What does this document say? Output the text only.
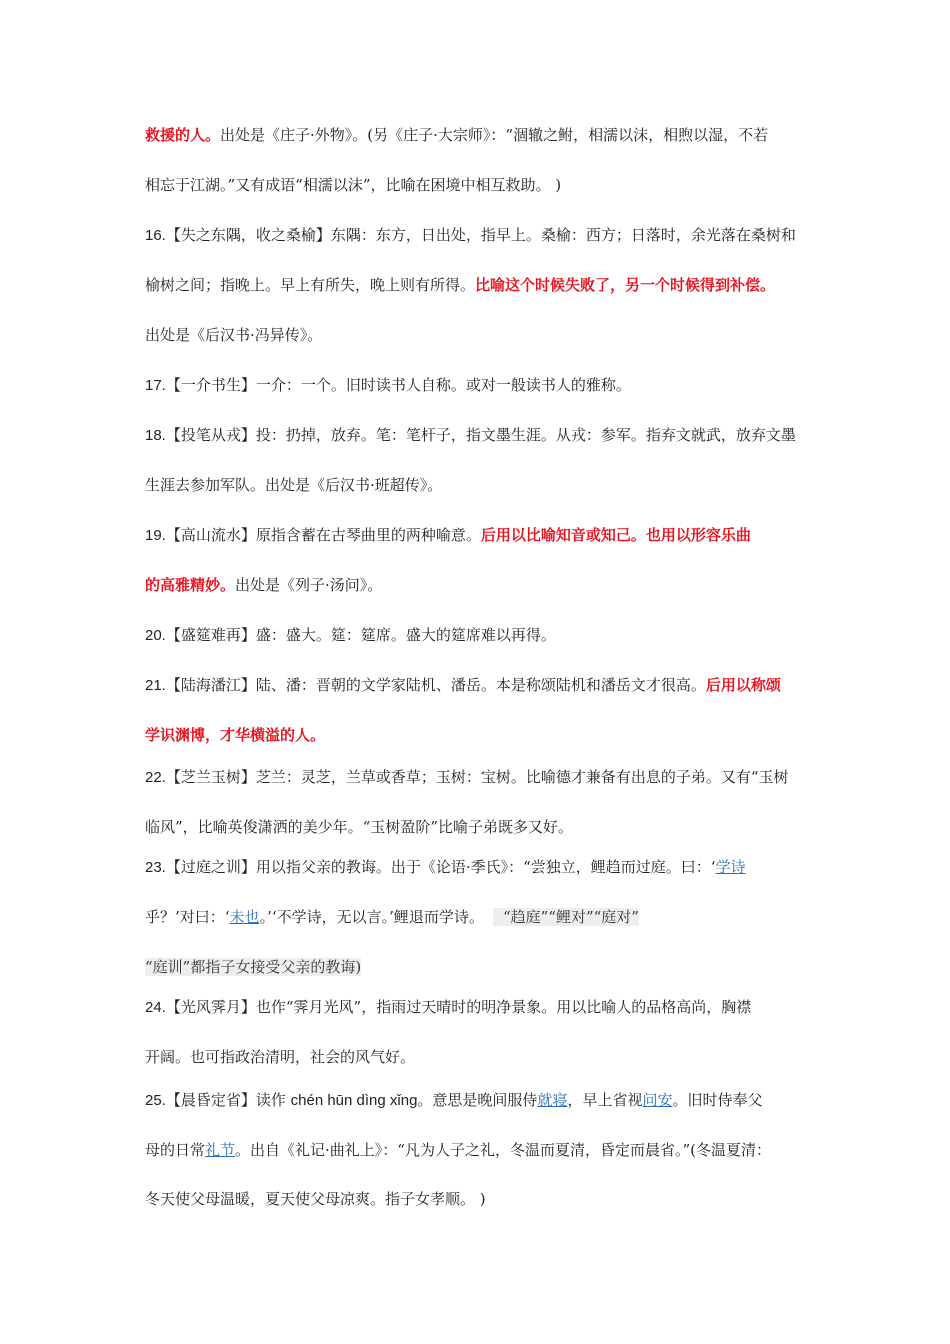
救援的人。出处是《庄子·外物》。(另《庄子·大宗师》：“涸辙之鲋，相濡以沫，相煦以湿，不若
相忘于江湖。”又有成语“相濡以沫”，比喻在困境中相互救助。 )
16.【失之东隅，收之桑榆】东隅：东方，日出处，指早上。桑榆：西方；日落时，余光落在桑树和
榆树之间；指晚上。早上有所失，晚上则有所得。比喻这个时候失败了，另一个时候得到补偿。
出处是《后汉书·冯异传》。
17.【一介书生】一介：一个。旧时读书人自称。或对一般读书人的雅称。
18.【投笔从戎】投：扔掉，放弃。笔：笔杆子，指文墨生涯。从戎：参军。指弃文就武，放弃文墨
生涯去参加军队。出处是《后汉书·班超传》。
19.【高山流水】原指含蓄在古琴曲里的两种喻意。后用以比喻知音或知己。也用以形容乐曲
的高雅精妙。出处是《列子·汤问》。
20.【盛筵难再】盛：盛大。筵：筵席。盛大的筵席难以再得。
21.【陆海潘江】陆、潘：晋朝的文学家陆机、潘岳。本是称颂陆机和潘岳文才很高。后用以称颂
学识渊博，才华横溢的人。
22.【芝兰玉树】芝兰：灵芝，兰草或香草；玉树：宝树。比喻德才兼备有出息的子弟。又有“玉树
临风”，比喻英俊潇洒的美少年。“玉树盈阶”比喻子弟既多又好。
23.【过庭之训】用以指父亲的教诲。出于《论语·季氏》：“尝独立，鲤趋而过庭。曰：‘学诗
乎？’对曰：‘未也。’‘不学诗，无以言。’鲤退而学诗。    “趋庭”“鲤对”“庭对”
“庭训”都指子女接受父亲的教诲)
24.【光风霁月】也作“霁月光风”，指雨过天晴时的明净景象。用以比喻人的品格高尚，胸襟
开阔。也可指政治清明，社会的风气好。
25.【晨昏定省】读作 chén hūn dìng xǐng。意思是晚间服侍就寝，早上省视问安。旧时侍奉父
母的日常礼节。出自《礼记·曲礼上》：“凡为人子之礼，冬温而夏清，昏定而晨省。”(冬温夏清：
冬天使父母温暖，夏天使父母凉爽。指子女孝顺。 )
